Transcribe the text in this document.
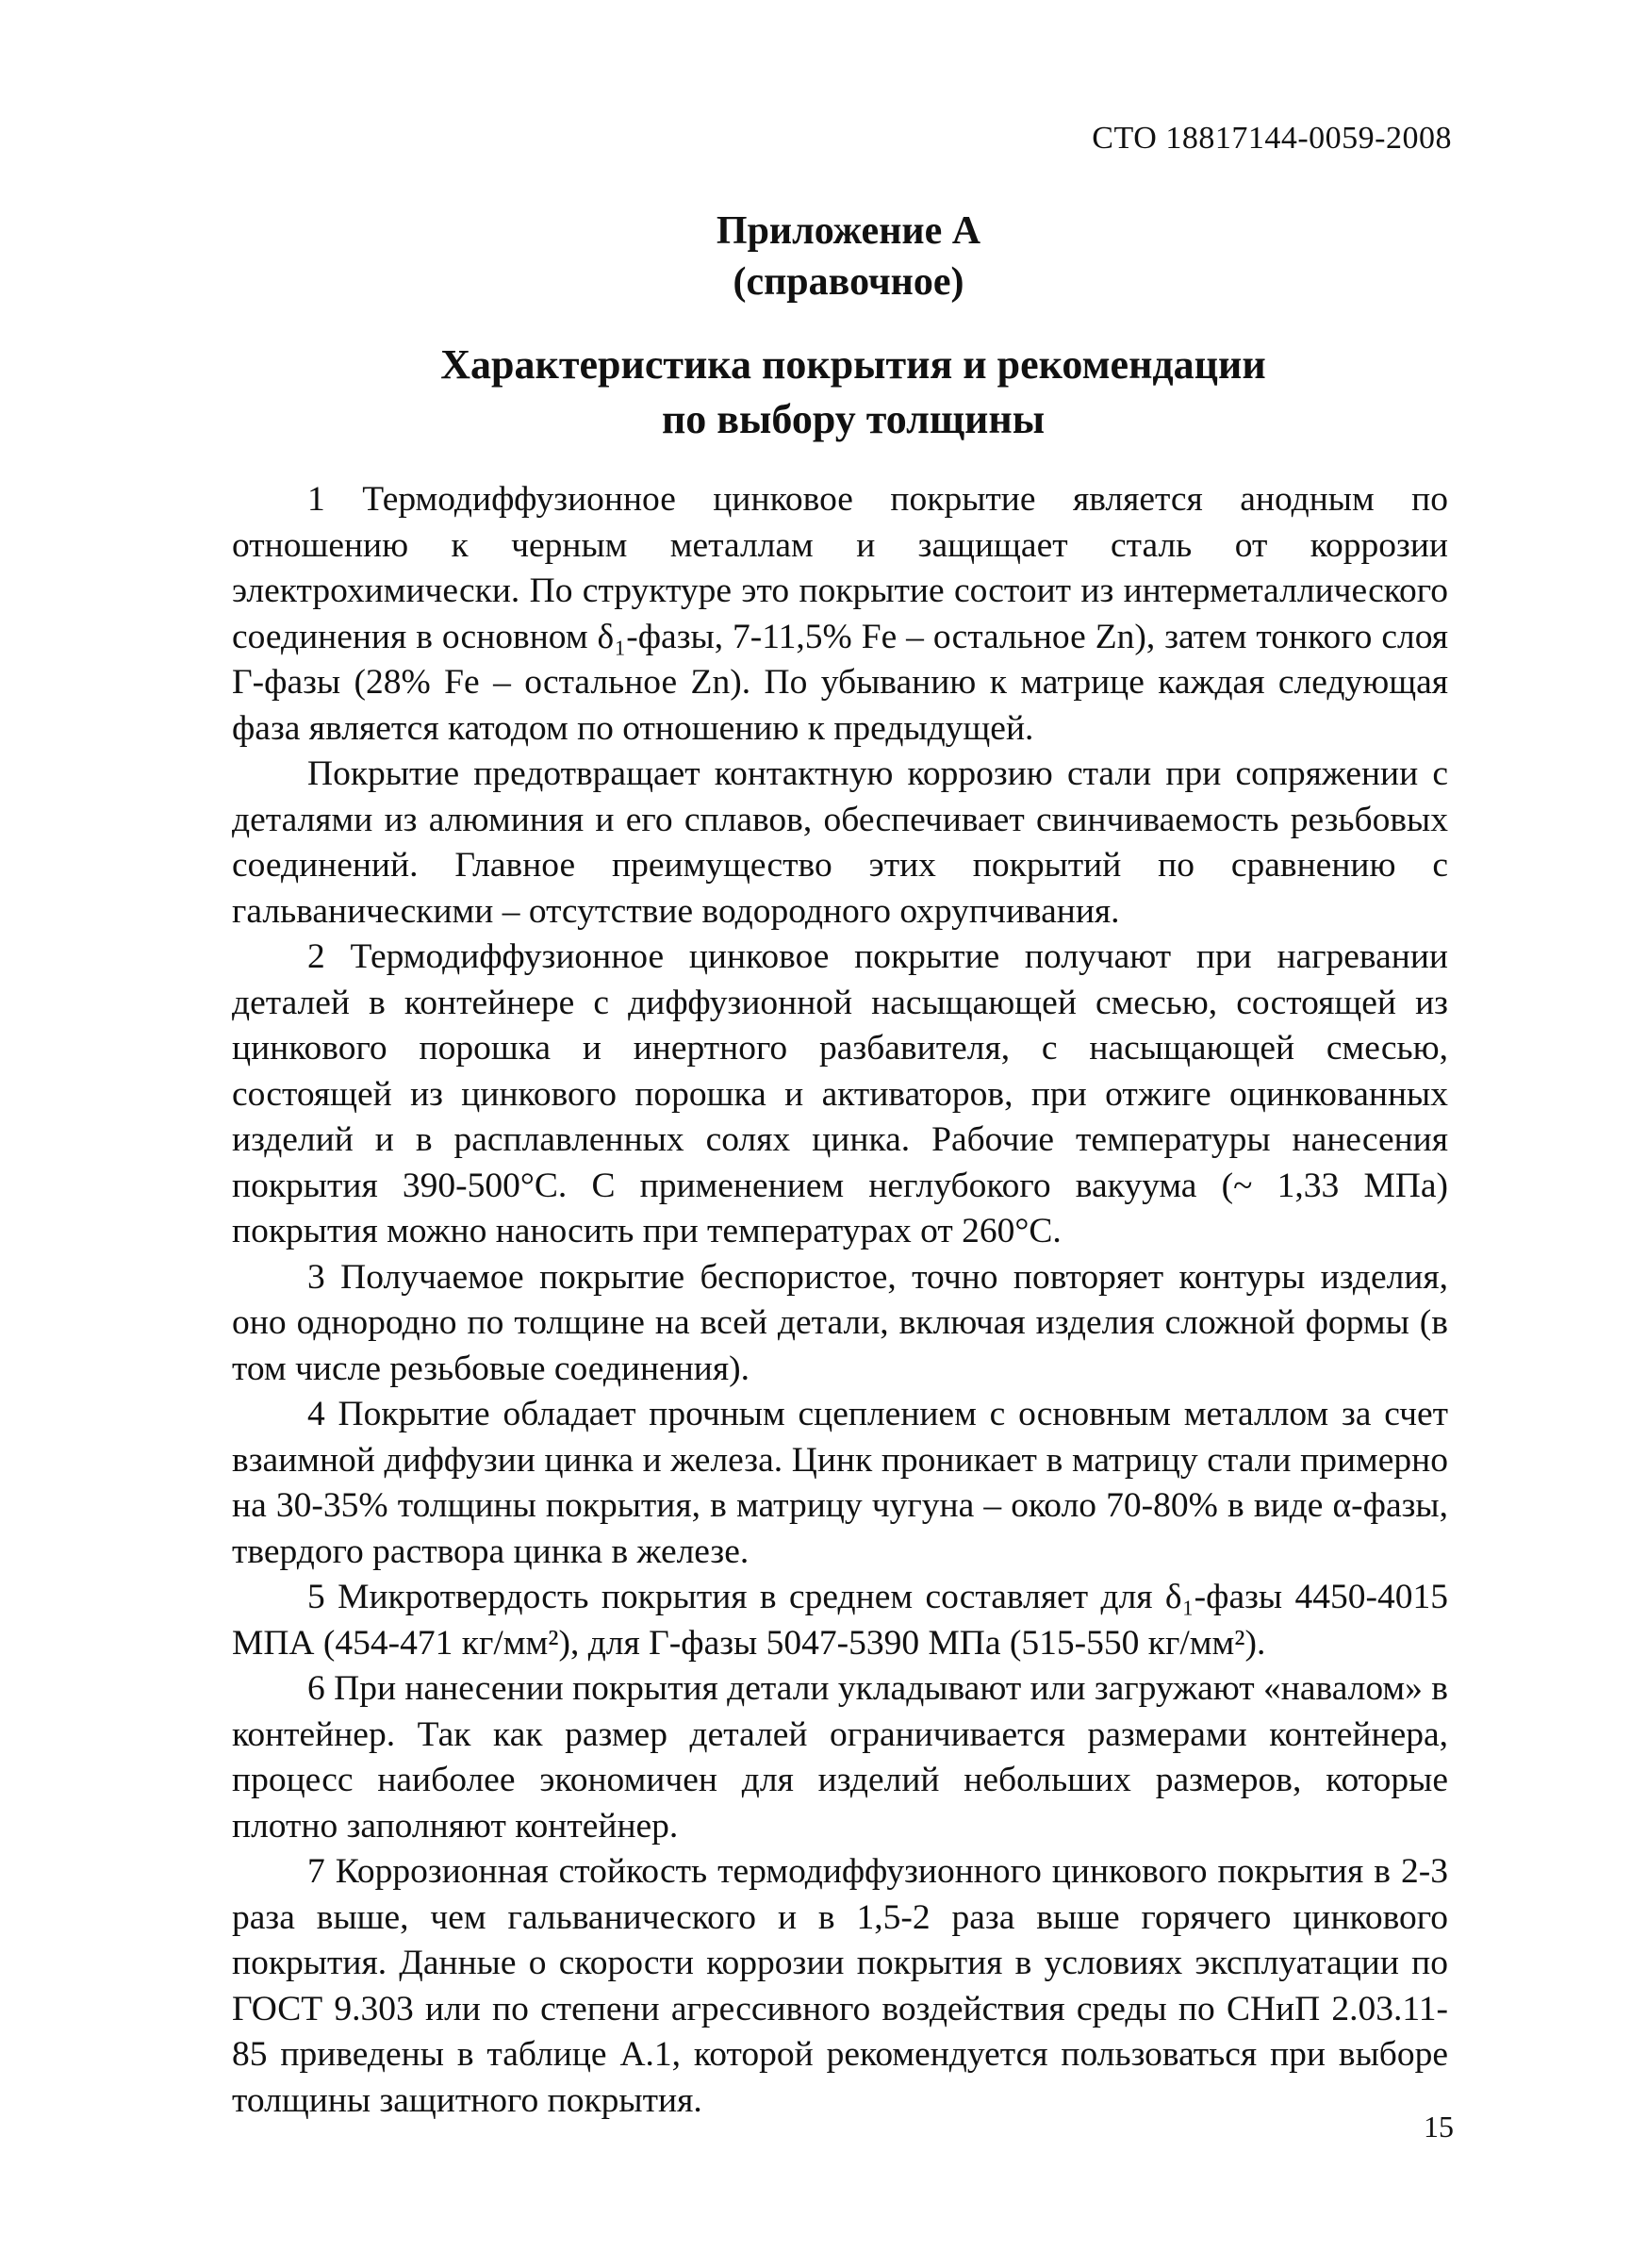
СТО 18817144-0059-2008
Приложение А
(справочное)
Характеристика покрытия и рекомендации
по выбору толщины

1 Термодиффузионное цинковое покрытие является анодным по отношению к черным металлам и защищает сталь от коррозии электрохимически. По структуре это покрытие состоит из интерметаллического соединения в основном δ₁-фазы, 7-11,5% Fe – остальное Zn), затем тонкого слоя Г-фазы (28% Fe – остальное Zn). По убыванию к матрице каждая следующая фаза является катодом по отношению к предыдущей.

Покрытие предотвращает контактную коррозию стали при сопряжении с деталями из алюминия и его сплавов, обеспечивает свинчиваемость резьбовых соединений. Главное преимущество этих покрытий по сравнению с гальваническими – отсутствие водородного охрупчивания.

2 Термодиффузионное цинковое покрытие получают при нагревании деталей в контейнере с диффузионной насыщающей смесью, состоящей из цинкового порошка и инертного разбавителя, с насыщающей смесью, состоящей из цинкового порошка и активаторов, при отжиге оцинкованных изделий и в расплавленных солях цинка. Рабочие температуры нанесения покрытия 390-500°С. С применением неглубокого вакуума (~ 1,33 МПа) покрытия можно наносить при температурах от 260°С.

3 Получаемое покрытие беспористое, точно повторяет контуры изделия, оно однородно по толщине на всей детали, включая изделия сложной формы (в том числе резьбовые соединения).

4 Покрытие обладает прочным сцеплением с основным металлом за счет взаимной диффузии цинка и железа. Цинк проникает в матрицу стали примерно на 30-35% толщины покрытия, в матрицу чугуна – около 70-80% в виде α-фазы, твердого раствора цинка в железе.

5 Микротвердость покрытия в среднем составляет для δ₁-фазы 4450-4015 МПА (454-471 кг/мм²), для Г-фазы 5047-5390 МПа (515-550 кг/мм²).

6 При нанесении покрытия детали укладывают или загружают «навалом» в контейнер. Так как размер деталей ограничивается размерами контейнера, процесс наиболее экономичен для изделий небольших размеров, которые плотно заполняют контейнер.

7 Коррозионная стойкость термодиффузионного цинкового покрытия в 2-3 раза выше, чем гальванического и в 1,5-2 раза выше горячего цинкового покрытия. Данные о скорости коррозии покрытия в условиях эксплуатации по ГОСТ 9.303 или по степени агрессивного воздействия среды по СНиП 2.03.11-85 приведены в таблице А.1, которой рекомендуется пользоваться при выборе толщины защитного покрытия.

15
